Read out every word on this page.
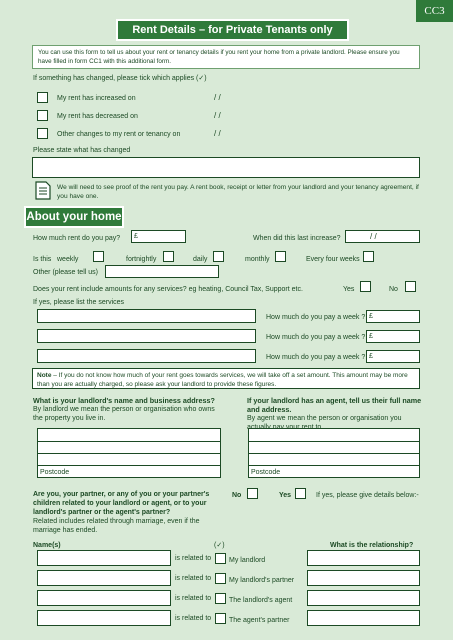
CC3
Rent Details – for Private Tenants only
You can use this form to tell us about your rent or tenancy details if you rent your home from a private landlord. Please ensure you have filled in form CC1 with this additional form.
If something has changed, please tick which applies (✓)
My rent has increased on	/ /
My rent has decreased on	/ /
Other changes to my rent or tenancy on	/ /
Please state what has changed
We will need to see proof of the rent you pay. A rent book, receipt or letter from your landlord and your tenancy agreement, if you have one.
About your home
How much rent do you pay? £	When did this last increase?	/ /
Is this weekly	fortnightly	daily	monthly	Every four weeks
Other (please tell us)
Does your rent include amounts for any services? eg heating, Council Tax, Support etc.	Yes	No
If yes, please list the services
How much do you pay a week ? £
How much do you pay a week ? £
How much do you pay a week ? £
Note – If you do not know how much of your rent goes towards services, we will take off a set amount. This amount may be more than you are actually charged, so please ask your landlord to provide these figures.
What is your landlord's name and business address?
By landlord we mean the person or organisation who owns the property you live in.
If your landlord has an agent, tell us their full name and address.
By agent we mean the person or organisation you
Postcode	Postcode
Are you, your partner, or any of you or your partner's children related to your landlord or agent, or to your landlord's partner or the agent's partner?
Related includes related through marriage, even if the marriage has ended.
No	Yes	If yes, please give details below:-
Name(s)	(✓)	What is the relationship?
is related to	My landlord
is related to	My landlord's partner
is related to	The landlord's agent
is related to	The agent's partner
